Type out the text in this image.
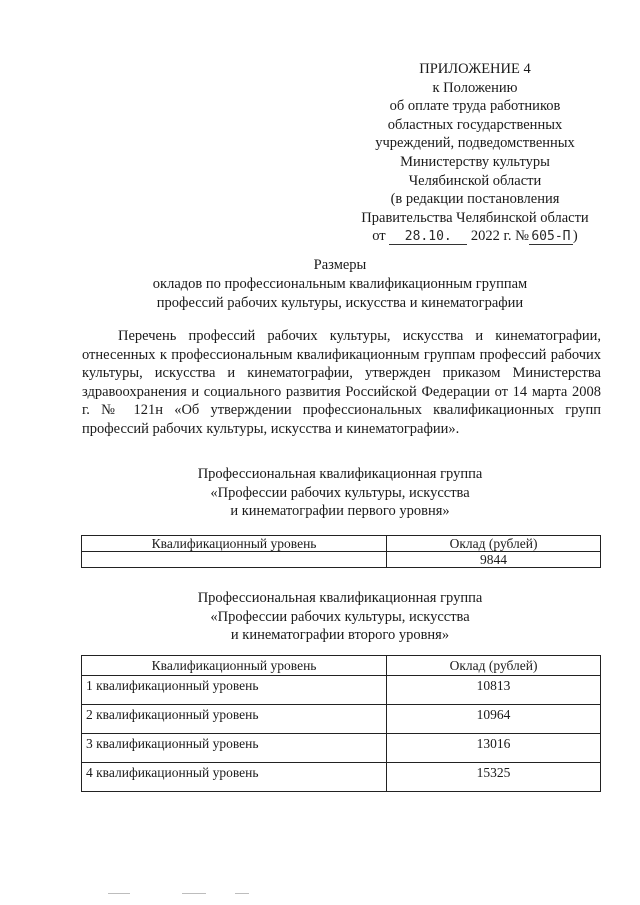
ПРИЛОЖЕНИЕ 4
к Положению
об оплате труда работников
областных государственных
учреждений, подведомственных
Министерству культуры
Челябинской области
(в редакции постановления
Правительства Челябинской области
от 28.10. 2022 г. № 605-П )
Размеры
окладов по профессиональным квалификационным группам
профессий рабочих культуры, искусства и кинематографии

Перечень профессий рабочих культуры, искусства и кинематографии, отнесенных к профессиональным квалификационным группам профессий рабочих культуры, искусства и кинематографии, утвержден приказом Министерства здравоохранения и социального развития Российской Федерации от 14 марта 2008 г. № 121н «Об утверждении профессиональных квалификационных групп профессий рабочих культуры, искусства и кинематографии».

Профессиональная квалификационная группа
«Профессии рабочих культуры, искусства
и кинематографии первого уровня»
Квалификационный уровень	Оклад (рублей)
	9844
Профессиональная квалификационная группа
«Профессии рабочих культуры, искусства
и кинематографии второго уровня»
Квалификационный уровень	Оклад (рублей)
1 квалификационный уровень	10813
2 квалификационный уровень	10964
3 квалификационный уровень	13016
4 квалификационный уровень	15325
